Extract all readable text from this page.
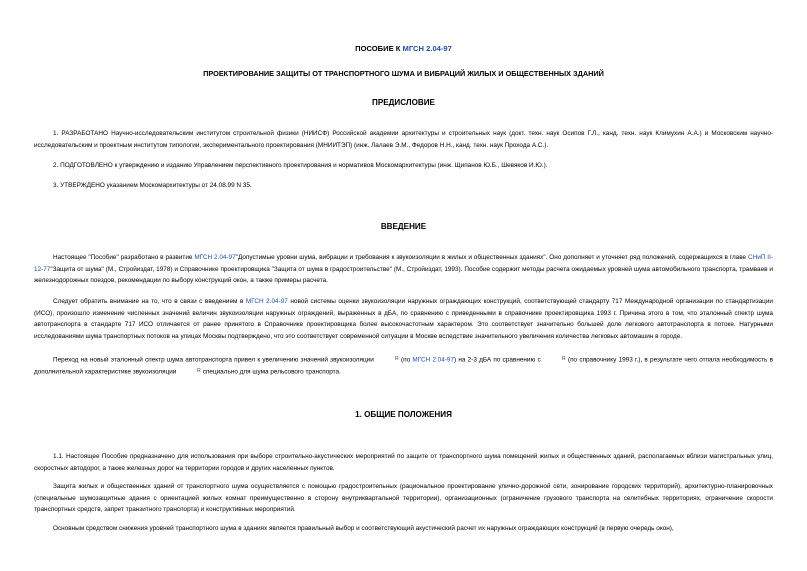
ПОСОБИЕ К МГСН 2.04-97
ПРОЕКТИРОВАНИЕ ЗАЩИТЫ ОТ ТРАНСПОРТНОГО ШУМА И ВИБРАЦИЙ ЖИЛЫХ И ОБЩЕСТВЕННЫХ ЗДАНИЙ
ПРЕДИСЛОВИЕ
1. РАЗРАБОТАНО Научно-исследовательским институтом строительной физики (НИИСФ) Российской академии архитектуры и строительных наук (докт. техн. наук Осипов Г.Л., канд. техн. наук Климухин А.А.) и Московским научно-исследовательским и проектным институтом типологии, экспериментального проектирования (МНИИТЭП) (инж. Лалаев Э.М., Федоров Н.Н., канд. техн. наук Прохода А.С.).
2. ПОДГОТОВЛЕНО к утверждению и изданию Управлением перспективного проектирования и нормативов Москомархитектуры (инж. Щипанов Ю.Б., Шевяков И.Ю.).
3. УТВЕРЖДЕНО указанием Москомархитектуры от 24.08.99 N 35.
ВВЕДЕНИЕ
Настоящее "Пособие" разработано в развитие МГСН 2.04-97"Допустимые уровни шума, вибрации и требования к звукоизоляции в жилых и общественных зданиях". Оно дополняет и уточняет ряд положений, содержащихся в главе СНиП II-12-77"Защита от шума" (М., Стройиздат, 1978) и Справочнике проектировщика "Защита от шума в градостроительстве" (М., Стройиздат, 1993). Пособие содержит методы расчета ожидаемых уровней шума автомобильного транспорта, трамваев и железнодорожных поездов, рекомендации по выбору конструкций окон, а также примеры расчета.
Следует обратить внимание на то, что в связи с введением в МГСН 2.04-97 новой системы оценки звукоизоляции наружных ограждающих конструкций, соответствующей стандарту 717 Международной организации по стандартизации (ИСО), произошло изменение численных значений величин звукоизоляции наружных ограждений, выраженных в дБА, по сравнению с приведенными в справочнике проектировщика 1993 г. Причина этого в том, что эталонный спектр шума автотранспорта в стандарте 717 ИСО отличается от ранее принятого в Справочнике проектировщика более высокочастотным характером. Это соответствует значительно большей доле легкового автотранспорта в потоке. Натурными исследованиями шума транспортных потоков на улицах Москвы подтверждено, что это соответствует современной ситуации в Москве вследствие значительного увеличения количества легковых автомашин в городе.
Переход на новый эталонный спектр шума автотранспорта привел к увеличению значений звукоизоляции	R (по МГСН 2.04-97) на 2-3 дБА по сравнению с	R (по справочнику 1993 г.), в результате чего отпала необходимость в дополнительной характеристике звукоизоляции	R специально для шума рельсового транспорта.
1. ОБЩИЕ ПОЛОЖЕНИЯ
1.1. Настоящее Пособие предназначено для использования при выборе строительно-акустических мероприятий по защите от транспортного шума помещений жилых и общественных зданий, располагаемых вблизи магистральных улиц, скоростных автодорог, а также железных дорог на территории городов и других населенных пунктов.
Защита жилых и общественных зданий от транспортного шума осуществляется с помощью градостроительных (рациональное проектирование улично-дорожной сети, зонирование городских территорий), архитектурно-планировочных (специальные шумозащитные здания с ориентацией жилых комнат преимущественно в сторону внутриквартальной территории), организационных (ограничение грузового транспорта на селитебных территориях, ограничение скорости транспортных средств, запрет транзитного транспорта) и конструктивных мероприятий.
Основным средством снижения уровней транспортного шума в зданиях является правильный выбор и соответствующий акустический расчет их наружных ограждающих конструкций (в первую очередь окон),
